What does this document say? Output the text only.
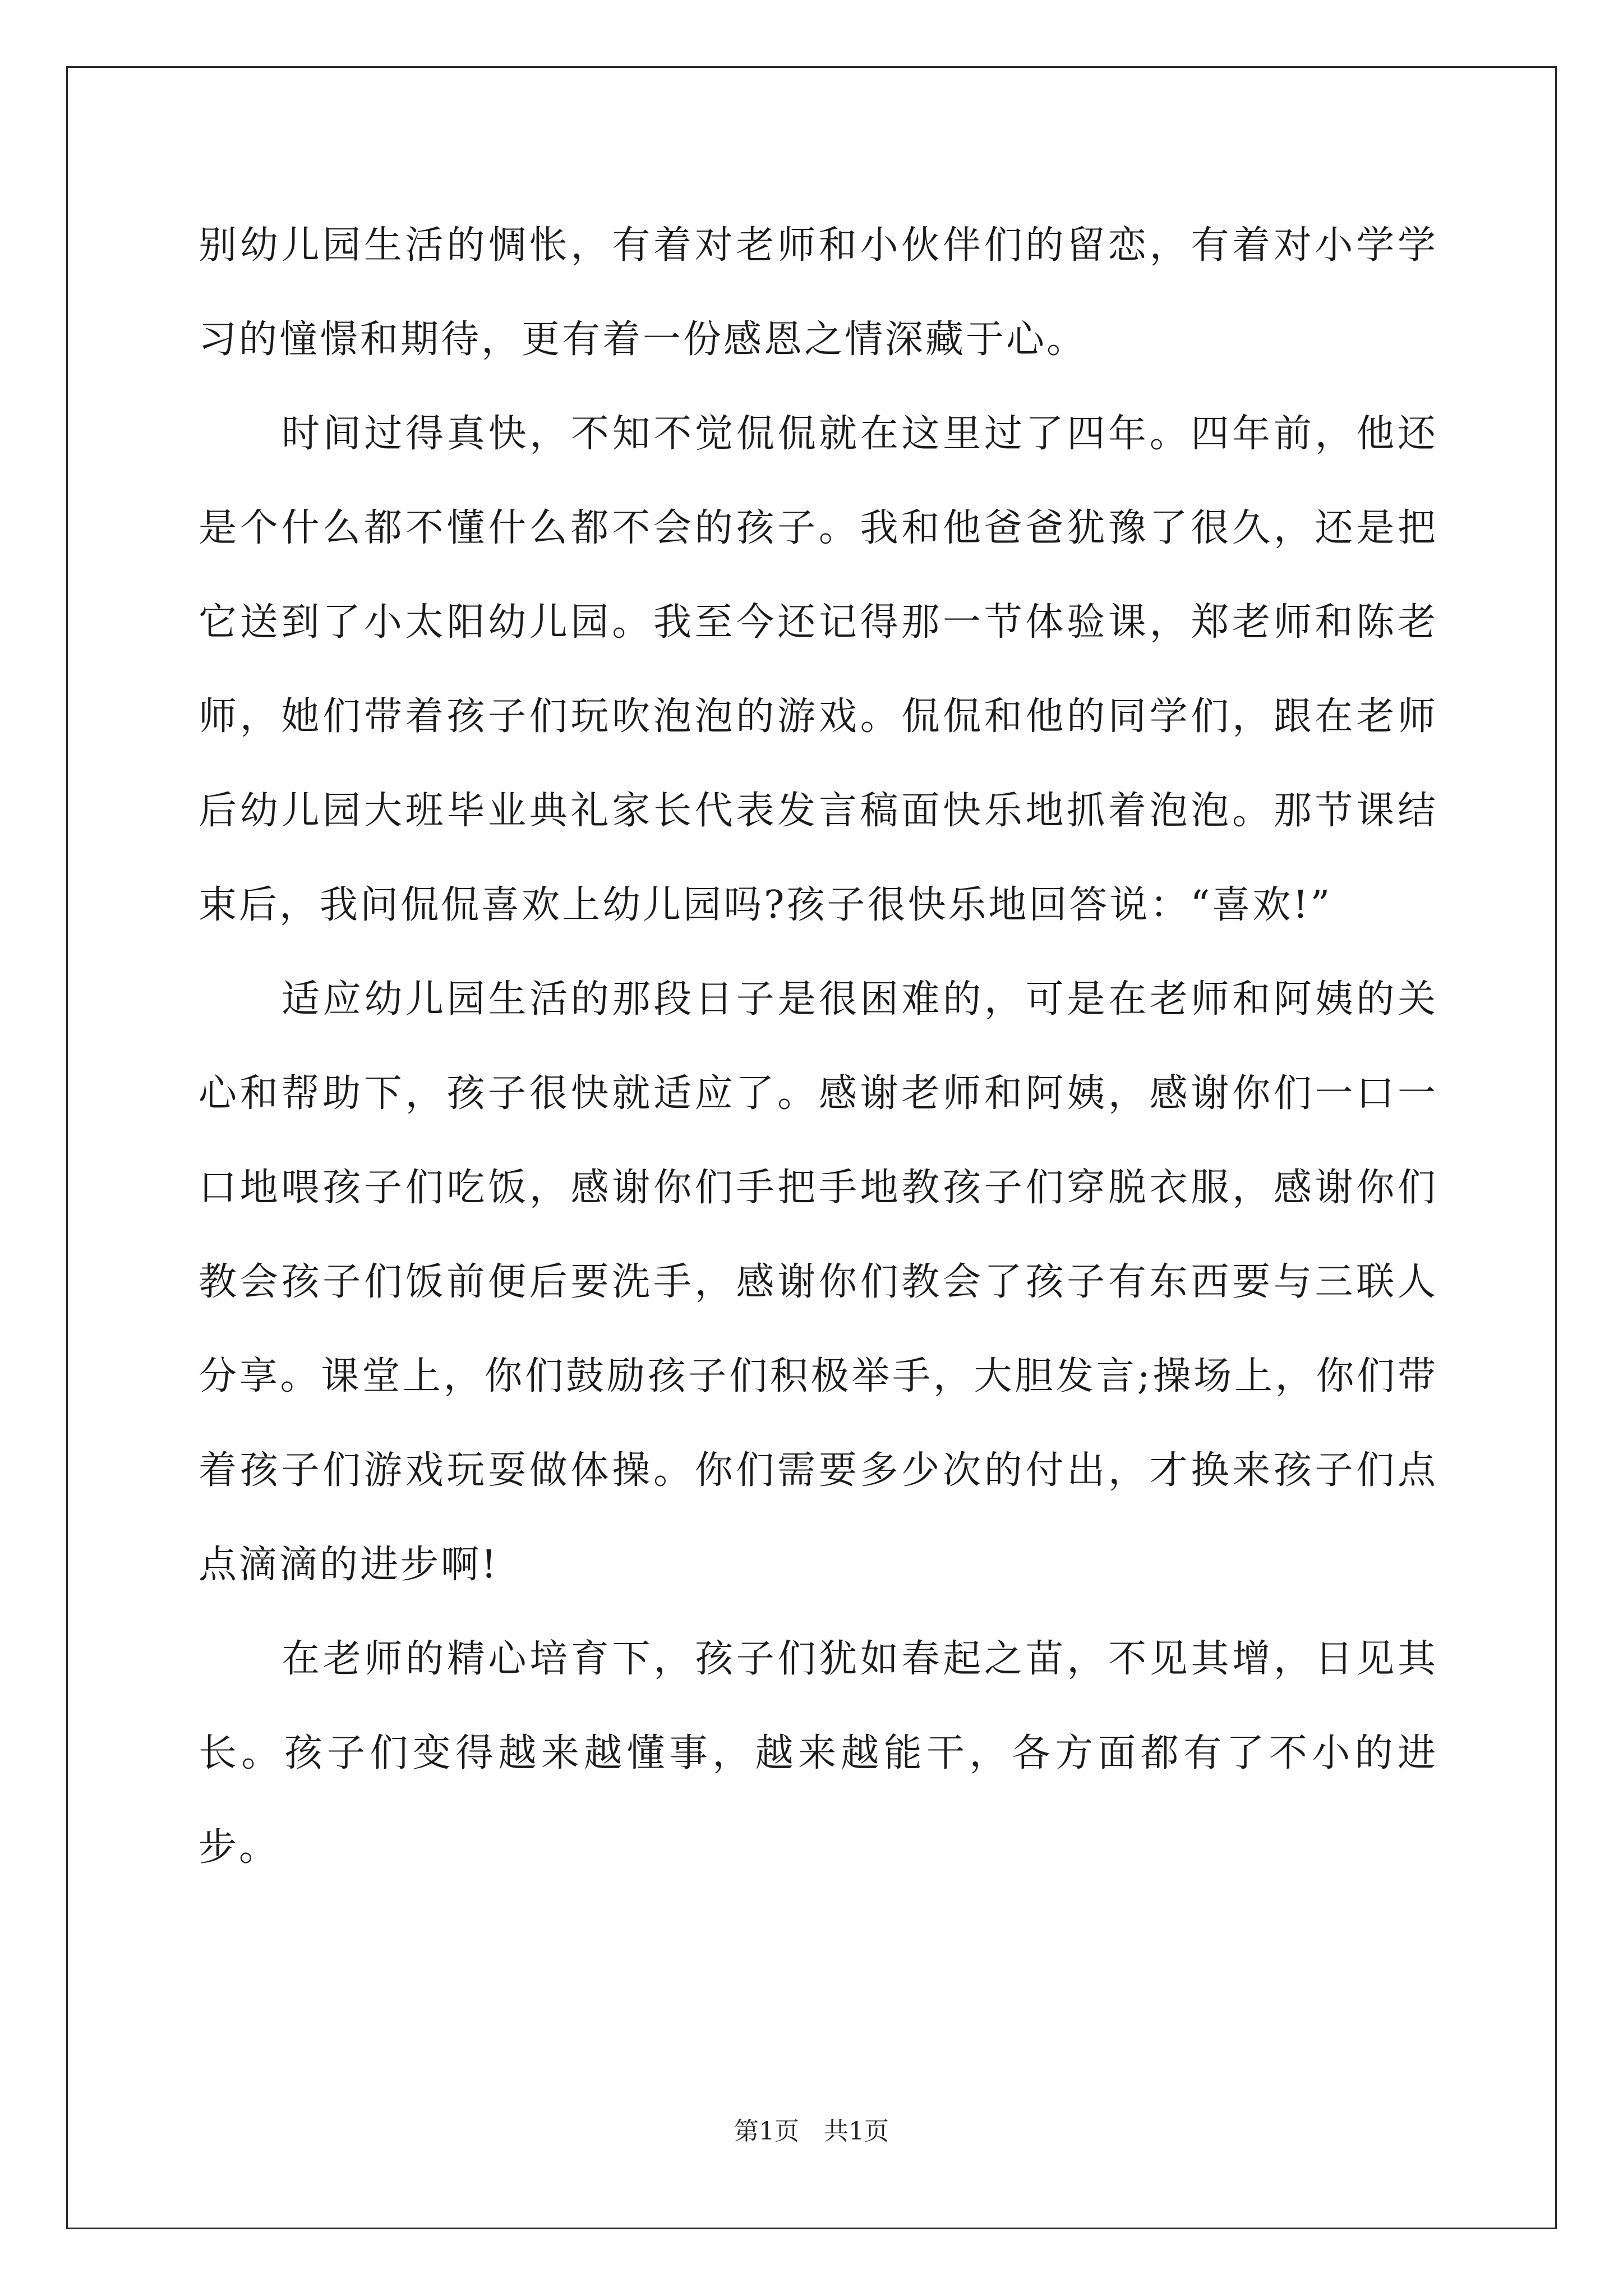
别幼儿园生活的惆怅，有着对老师和小伙伴们的留恋，有着对小学学习的憧憬和期待，更有着一份感恩之情深藏于心。

时间过得真快，不知不觉侃侃就在这里过了四年。四年前，他还是个什么都不懂什么都不会的孩子。我和他爸爸犹豫了很久，还是把它送到了小太阳幼儿园。我至今还记得那一节体验课，郑老师和陈老师，她们带着孩子们玩吹泡泡的游戏。侃侃和他的同学们，跟在老师后幼儿园大班毕业典礼家长代表发言稿面快乐地抓着泡泡。那节课结束后，我问侃侃喜欢上幼儿园吗?孩子很快乐地回答说：“喜欢!”

适应幼儿园生活的那段日子是很困难的，可是在老师和阿姨的关心和帮助下，孩子很快就适应了。感谢老师和阿姨，感谢你们一口一口地喂孩子们吃饭，感谢你们手把手地教孩子们穿脱衣服，感谢你们教会孩子们饭前便后要洗手，感谢你们教会了孩子有东西要与三联人分享。课堂上，你们鼓励孩子们积极举手，大胆发言;操场上，你们带着孩子们游戏玩耍做体操。你们需要多少次的付出，才换来孩子们点点滴滴的进步啊!

在老师的精心培育下，孩子们犹如春起之苗，不见其增，日见其长。孩子们变得越来越懂事，越来越能干，各方面都有了不小的进步。

第1页　共1页
